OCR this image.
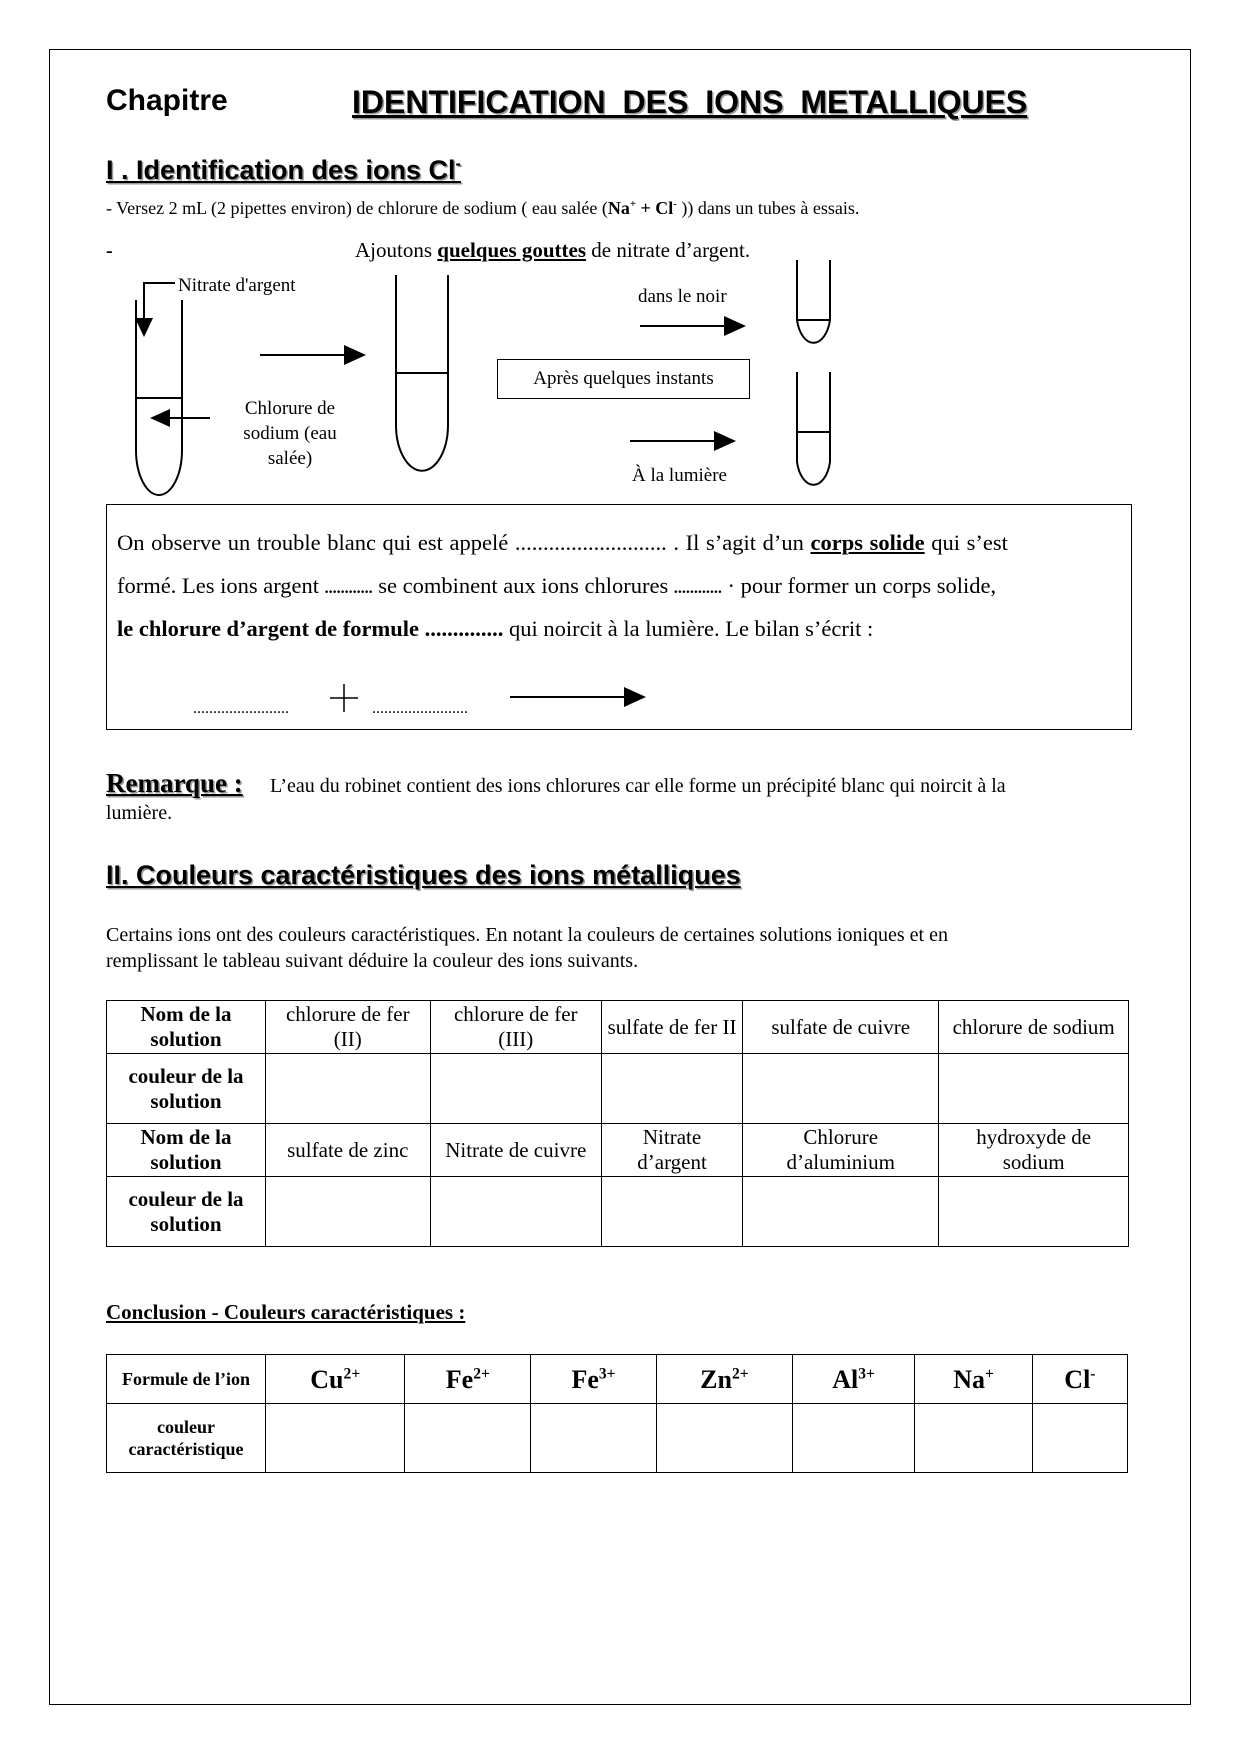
Chapitre	IDENTIFICATION DES IONS METALLIQUES
I . Identification des ions Cl-
- Versez 2 mL (2 pipettes environ) de chlorure de sodium ( eau salée (Na+ + Cl- )) dans un tubes à essais.
-	Ajoutons quelques gouttes de nitrate d’argent.
Nitrate d'argent
Chlorure de sodium (eau salée)
dans le noir
Après quelques instants
À la lumière
On observe un trouble blanc qui est appelé ........................... . Il s’agit d’un corps solide qui s’est
formé. Les ions argent ............ se combinent aux ions chlorures ............ · pour former un corps solide,
le chlorure d’argent de formule .............. qui noircit à la lumière. Le bilan s’écrit :
........................	........................
Remarque : L’eau du robinet contient des ions chlorures car elle forme un précipité blanc qui noircit à la
lumière.
II. Couleurs caractéristiques des ions métalliques
Certains ions ont des couleurs caractéristiques. En notant la couleurs de certaines solutions ioniques et en
remplissant le tableau suivant déduire la couleur des ions suivants.
Nom de la solution	chlorure de fer (II)	chlorure de fer (III)	sulfate de fer II	sulfate de cuivre	chlorure de sodium
couleur de la solution					
Nom de la solution	sulfate de zinc	Nitrate de cuivre	Nitrate d’argent	Chlorure d’aluminium	hydroxyde de sodium
couleur de la solution					
Conclusion - Couleurs caractéristiques :
Formule de l’ion	$Cu^{2+}$	$Fe^{2+}$	$Fe^{3+}$	$Zn^{2+}$	$Al^{3+}$	Na+	Cl-
couleur caractéristique							
